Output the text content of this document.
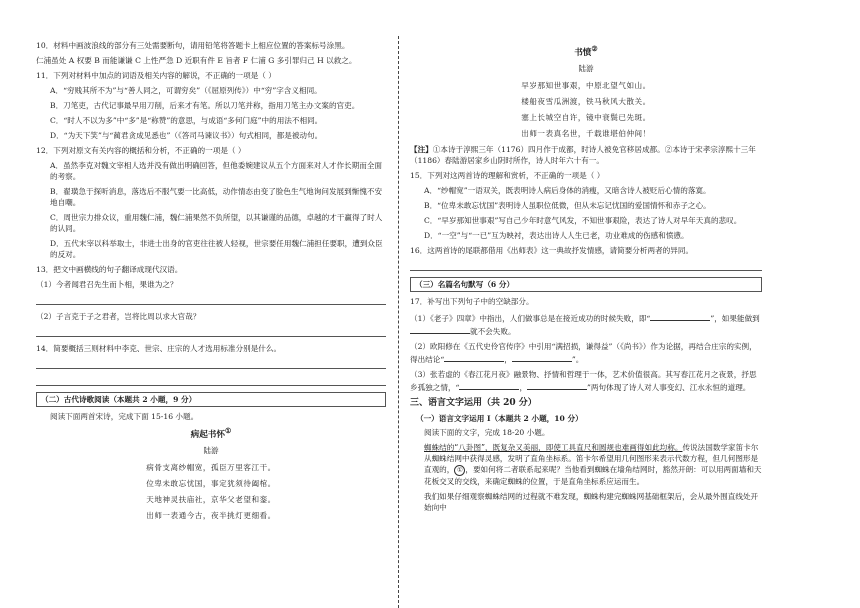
10．材料中画波浪线的部分有三处需要断句，请用铅笔将答题卡上相应位置的答案标号涂黑。

仁浦虽处 A 权要 B 而能谦谦 C 上性严急 D 近职有件 E 旨者 F 仁浦 G 多引罪归己 H 以救之。

11．下列对材料中加点的词语及相关内容的解说，不正确的一项是（ ）

A．“穷贱其所不为”与“善人同之，可谓穷矣”（《屈原列传》）中“穷”字含义相同。

B．刀笔吏，古代记事最早用刀削，后来才有笔。所以刀笔并称，指用刀笔主办文案的官吏。

C．“时人不以为多”中“多”是“称赞”的意思，与成语“多何门庭”中的用法不相同。

D．“为天下笑”与“蔺君贪成见悉也”（《答司马谏议书》）句式相同，都是被动句。

12．下列对原文有关内容的概括和分析，不正确的一项是（ ）

A．虽然李克对魏文宰相人选并没有做出明确回答，但他委婉建议从五个方面来对人才作长期而全面的考察。

B．翟璜急于探听消息，落选后不服气要一比高低，动作情态由变了脸色生气地询问发展到惭愧不安地自嘲。

C．周世宗力排众议，重用魏仁浦，魏仁浦果然不负所望，以其谦谨的品德，卓越的才干赢得了时人的认同。

D．五代末宰以科举取士，非进士出身的官吏往往被人轻视，世宗要任用魏仁浦担任要职，遭到众臣的反对。

13．把文中画横线的句子翻译成现代汉语。

（1）今者闻君召先生而卜相，果谁为之？

（2）子言克于子之君者，岂将比周以求大官哉？

14．简要概括三则材料中李克、世宗、庄宗的人才选用标准分别是什么。

（二）古代诗歌阅读（本题共 2 小题，9 分）

阅读下面两首宋诗，完成下面 15-16 小题。

病起书怀①
陆游
病骨支离纱帽宽，孤臣万里客江干。
位卑未敢忘忧国，事定犹须待阖棺。
天地神灵扶庙社，京华父老望和銮。
出师一表通今古，夜半挑灯更细看。
书愤②
陆游
早岁那知世事艰，中原北望气如山。
楼船夜雪瓜洲渡，铁马秋风大散关。
塞上长城空自许，镜中衰鬓已先斑。
出师一表真名世，千载谁堪伯仲间！

【注】①本诗于淳熙三年（1176）四月作于成都，时诗人被免官移居成都。②本诗于宋孝宗淳熙十三年（1186）春陆游居家乡山阴时所作，诗人时年六十有一。

15．下列对这两首诗的理解和赏析，不正确的一项是（ ）

A．“纱帽宽”一语双关，既表明诗人病后身体的消瘦，又暗含诗人被贬后心情的落寞。

B．“位卑未敢忘忧国”表明诗人虽职位低微，但从未忘记忧国的爱国情怀和赤子之心。

C．“早岁那知世事艰”写自己少年时意气风发，不知世事艰险，表达了诗人对早年天真的悲叹。

D．“一空”与“一已”互为映衬，表达出诗人人生已老，功业难成的伤感和愤懑。

16．这两首诗的尾联都借用《出师表》这一典故抒发情感，请简要分析两者的异同。

（三）名篇名句默写（6 分）

17．补写出下列句子中的空缺部分。

（1）《老子》四章》中指出，人们做事总是在接近成功的时候失败，即“	”，如果能做到就不会失败。

（2）欧阳修在《五代史伶官传序》中引用“满招损，谦得益”（《尚书》）作为论据，再结合庄宗的实例，得出结论“	，	”。

（3）张若虚的《春江花月夜》融景物、抒情和哲理于一体，艺术价值很高。其写春江花月之夜景，抒思乡孤独之情，“	，	”两句体现了诗人对人事变幻、江水永恒的道理。

三、语言文字运用（共 20 分）
（一）语言文字运用 I（本题共 2 小题，10 分）

阅读下面的文字，完成 18-20 小题。

蜘蛛结的“八卦图”，既复杂又美丽，即使工具直尺和圆规也难画得如此均称。传说法国数学家笛卡尔从蜘蛛结网中获得灵感，发明了直角坐标系。笛卡尔希望用几何图形来表示代数方程，但几何图形是直观的， ① ，要如何将二者联系起来呢？当他看到蜘蛛在墙角结网时，豁然开朗：可以用两面墙和天花板交叉的交线，来确定蜘蛛的位置，于是直角坐标系应运而生。

我们如果仔细观察蜘蛛结网的过程就不难发现，蜘蛛构建完蜘蛛网基础框架后，会从最外围直线处开始向中
